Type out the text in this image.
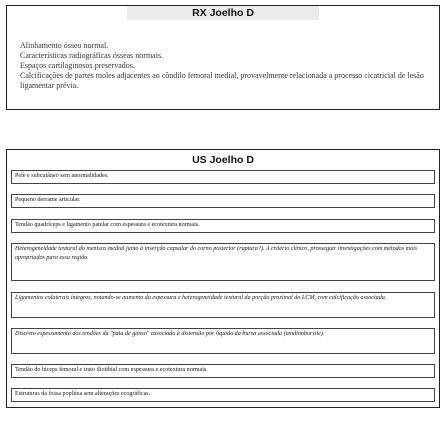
RX Joelho D
Alinhamento ósseo normal.
Características radiográficas ósseas normais.
Espaços cartilaginosos preservados.
Calcificações de partes moles adjacentes ao côndilo femoral medial, provavelmente relacionada a processo cicatricial de lesão ligamentar prévia.
US Joelho D
Pele e subcutâneo sem anormalidades.
Pequeno derrame articular.
Tendão quadríceps e ligamento patelar com espessura e ecotextura normais.
Heterogeneidade textural do menisco medial junto à inserção capsular do corno posterior (ruptura?). A critério clínico, prosseguir investigações com métodos mais apropriados para essa região.
Ligamentos colaterais íntegros, notando-se aumento da espessura e heterogeneidade textural da porção proximal do LCM, com calcificação associada.
Discreto espessamento dos tendões da "pata de ganso" associado à distensão por líquido da bursa associada (tendinobursite).
Tendão do bíceps femoral e trato iliotibial com espessura e ecotextura normais.
Estruturas da fossa poplítea sem alterações ecográficas.
